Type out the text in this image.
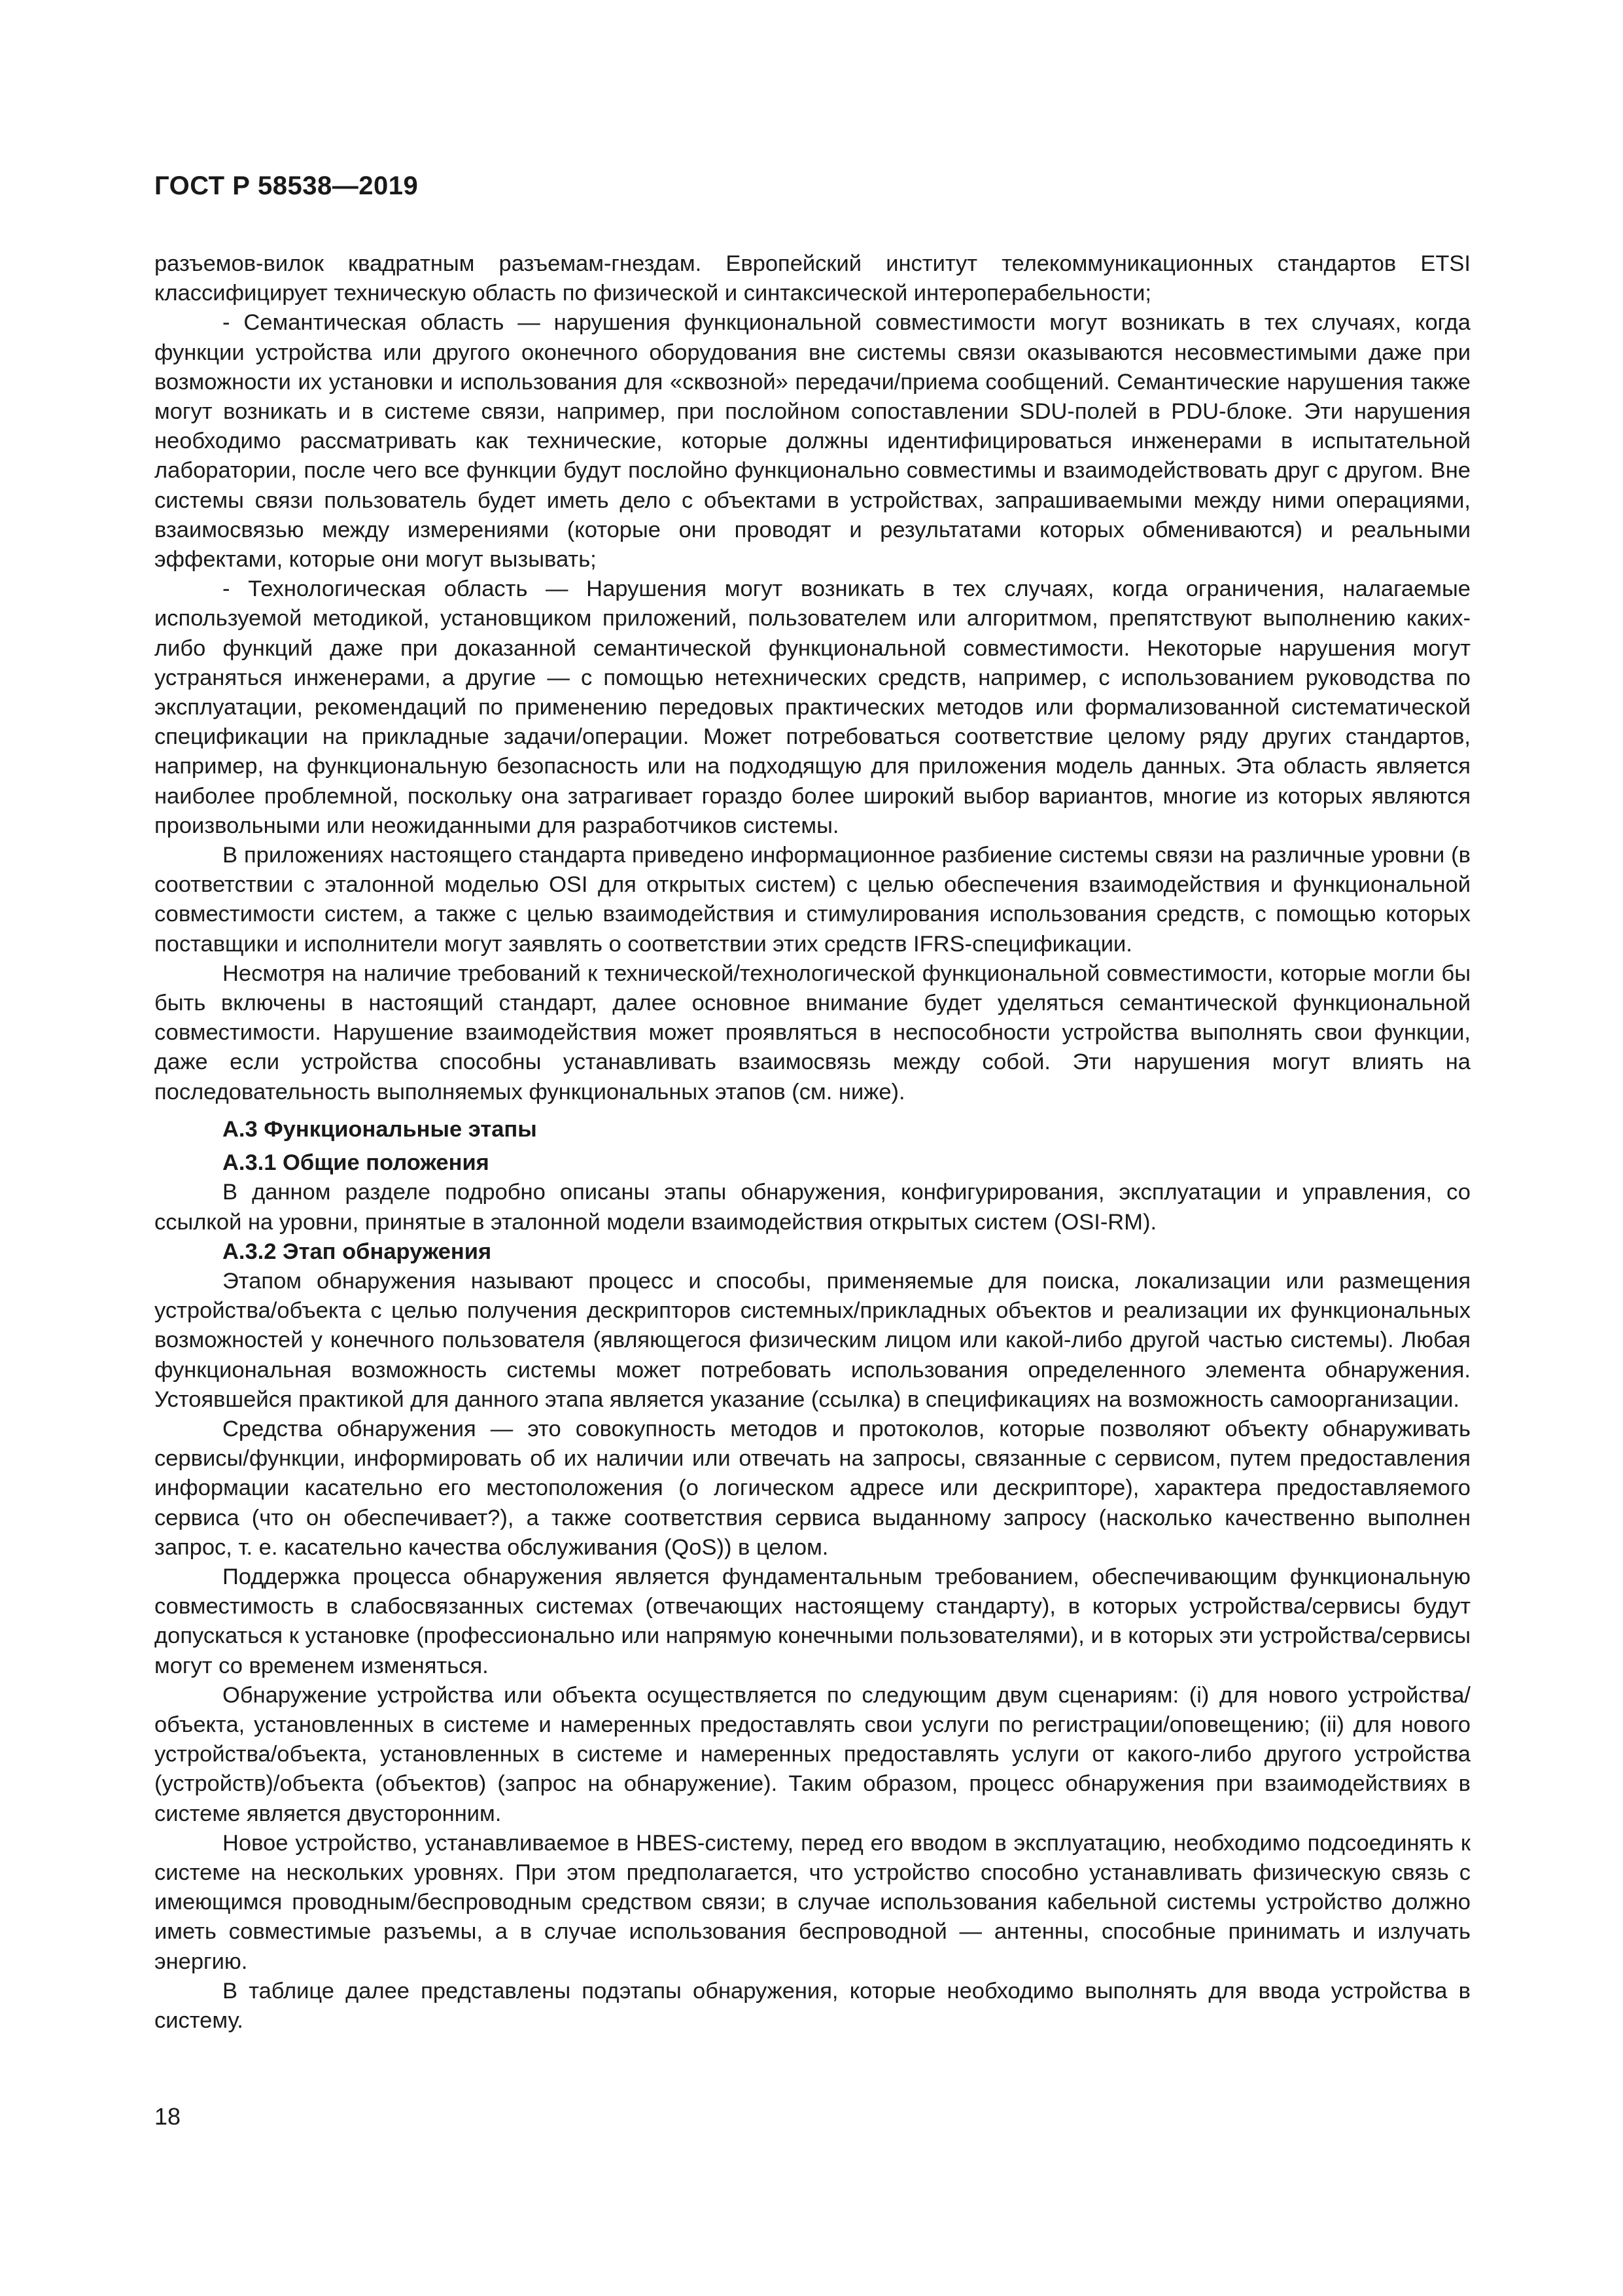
ГОСТ Р 58538—2019

разъемов-вилок квадратным разъемам-гнездам. Европейский институт телекоммуникационных стандартов ETSI классифицирует техническую область по физической и синтаксической интероперабельности;

- Семантическая область — нарушения функциональной совместимости могут возникать в тех случаях, когда функции устройства или другого оконечного оборудования вне системы связи оказываются несовместимыми даже при возможности их установки и использования для «сквозной» передачи/приема сообщений. Семантические нарушения также могут возникать и в системе связи, например, при послойном сопоставлении SDU-полей в PDU-блоке. Эти нарушения необходимо рассматривать как технические, которые должны идентифицироваться инженерами в испытательной лаборатории, после чего все функции будут послойно функционально совместимы и взаимодействовать друг с другом. Вне системы связи пользователь будет иметь дело с объектами в устройствах, запрашиваемыми между ними операциями, взаимосвязью между измерениями (которые они проводят и результатами которых обмениваются) и реальными эффектами, которые они могут вызывать;

- Технологическая область — Нарушения могут возникать в тех случаях, когда ограничения, налагаемые используемой методикой, установщиком приложений, пользователем или алгоритмом, препятствуют выполнению каких-либо функций даже при доказанной семантической функциональной совместимости. Некоторые нарушения могут устраняться инженерами, а другие — с помощью нетехнических средств, например, с использованием руководства по эксплуатации, рекомендаций по применению передовых практических методов или формализованной систематической спецификации на прикладные задачи/операции. Может потребоваться соответствие целому ряду других стандартов, например, на функциональную безопасность или на подходящую для приложения модель данных. Эта область является наиболее проблемной, поскольку она затрагивает гораздо более широкий выбор вариантов, многие из которых являются произвольными или неожиданными для разработчиков системы.

В приложениях настоящего стандарта приведено информационное разбиение системы связи на различные уровни (в соответствии с эталонной моделью OSI для открытых систем) с целью обеспечения взаимодействия и функциональной совместимости систем, а также с целью взаимодействия и стимулирования использования средств, с помощью которых поставщики и исполнители могут заявлять о соответствии этих средств IFRS-спецификации.

Несмотря на наличие требований к технической/технологической функциональной совместимости, которые могли бы быть включены в настоящий стандарт, далее основное внимание будет уделяться семантической функциональной совместимости. Нарушение взаимодействия может проявляться в неспособности устройства выполнять свои функции, даже если устройства способны устанавливать взаимосвязь между собой. Эти нарушения могут влиять на последовательность выполняемых функциональных этапов (см. ниже).

А.3 Функциональные этапы
А.3.1 Общие положения

В данном разделе подробно описаны этапы обнаружения, конфигурирования, эксплуатации и управления, со ссылкой на уровни, принятые в эталонной модели взаимодействия открытых систем (OSI-RM).

А.3.2 Этап обнаружения

Этапом обнаружения называют процесс и способы, применяемые для поиска, локализации или размещения устройства/объекта с целью получения дескрипторов системных/прикладных объектов и реализации их функциональных возможностей у конечного пользователя (являющегося физическим лицом или какой-либо другой частью системы). Любая функциональная возможность системы может потребовать использования определенного элемента обнаружения. Устоявшейся практикой для данного этапа является указание (ссылка) в спецификациях на возможность самоорганизации.

Средства обнаружения — это совокупность методов и протоколов, которые позволяют объекту обнаруживать сервисы/функции, информировать об их наличии или отвечать на запросы, связанные с сервисом, путем предоставления информации касательно его местоположения (о логическом адресе или дескрипторе), характера предоставляемого сервиса (что он обеспечивает?), а также соответствия сервиса выданному запросу (насколько качественно выполнен запрос, т. е. касательно качества обслуживания (QoS)) в целом.

Поддержка процесса обнаружения является фундаментальным требованием, обеспечивающим функциональную совместимость в слабосвязанных системах (отвечающих настоящему стандарту), в которых устройства/сервисы будут допускаться к установке (профессионально или напрямую конечными пользователями), и в которых эти устройства/сервисы могут со временем изменяться.

Обнаружение устройства или объекта осуществляется по следующим двум сценариям: (i) для нового устройства/объекта, установленных в системе и намеренных предоставлять свои услуги по регистрации/оповещению; (ii) для нового устройства/объекта, установленных в системе и намеренных предоставлять услуги от какого-либо другого устройства (устройств)/объекта (объектов) (запрос на обнаружение). Таким образом, процесс обнаружения при взаимодействиях в системе является двусторонним.

Новое устройство, устанавливаемое в HBES-систему, перед его вводом в эксплуатацию, необходимо подсоединять к системе на нескольких уровнях. При этом предполагается, что устройство способно устанавливать физическую связь с имеющимся проводным/беспроводным средством связи; в случае использования кабельной системы устройство должно иметь совместимые разъемы, а в случае использования беспроводной — антенны, способные принимать и излучать энергию.

В таблице далее представлены подэтапы обнаружения, которые необходимо выполнять для ввода устройства в систему.

18
